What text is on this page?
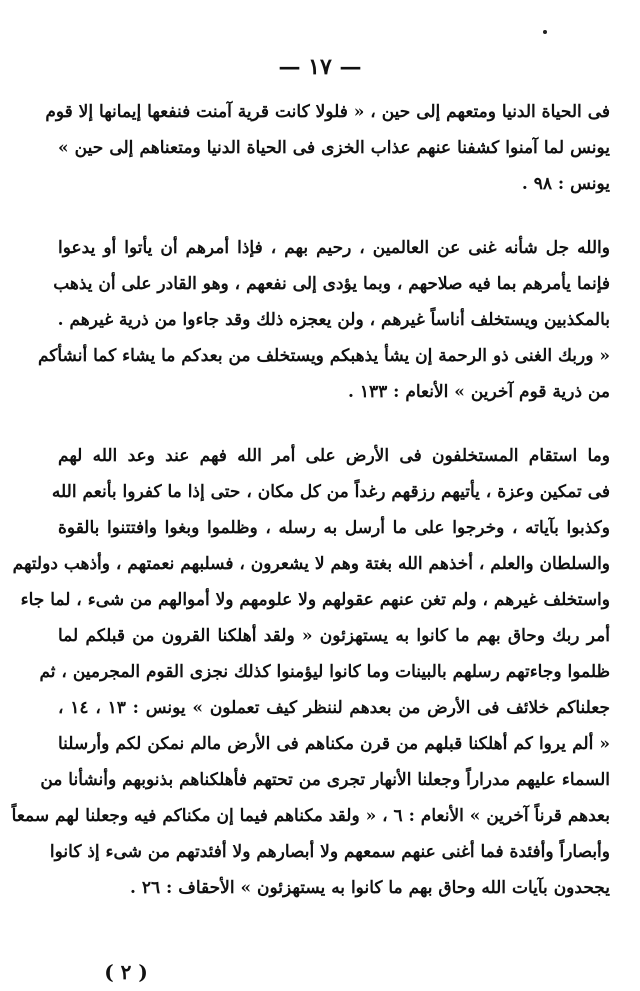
— ١٧ —
فى الحياة الدنيا ومتعهم إلى حين ، « فلولا كانت قرية آمنت فنفعها إيمانها إلا قوم
يونس لما آمنوا كشفنا عنهم عذاب الخزى فى الحياة الدنيا ومتعناهم إلى حين »
يونس : ٩٨ .
والله جل شأنه غنى عن العالمين ، رحيم بهم ، فإذا أمرهم أن يأتوا أو يدعوا
فإنما يأمرهم بما فيه صلاحهم ، وبما يؤدى إلى نفعهم ، وهو القادر على أن يذهب
بالمكذبين ويستخلف أناساً غيرهم ، ولن يعجزه ذلك وقد جاءوا من ذرية غيرهم .
« وربك الغنى ذو الرحمة إن يشأ يذهبكم ويستخلف من بعدكم ما يشاء كما أنشأكم
من ذرية قوم آخرين » الأنعام : ١٣٣ .
وما استقام المستخلفون فى الأرض على أمر الله فهم عند وعد الله لهم
فى تمكين وعزة ، يأتيهم رزقهم رغداً من كل مكان ، حتى إذا ما كفروا بأنعم الله
وكذبوا بآياته ، وخرجوا على ما أرسل به رسله ، وظلموا وبغوا وافتتنوا بالقوة
والسلطان والعلم ، أخذهم الله بغتة وهم لا يشعرون ، فسلبهم نعمتهم ، وأذهب دولتهم
واستخلف غيرهم ، ولم تغن عنهم عقولهم ولا علومهم ولا أموالهم من شىء ، لما جاء
أمر ربك وحاق بهم ما كانوا به يستهزئون « ولقد أهلكنا القرون من قبلكم لما
ظلموا وجاءتهم رسلهم بالبينات وما كانوا ليؤمنوا كذلك نجزى القوم المجرمين ، ثم
جعلناكم خلائف فى الأرض من بعدهم لننظر كيف تعملون » يونس : ١٣ ، ١٤ ،
« ألم يروا كم أهلكنا قبلهم من قرن مكناهم فى الأرض مالم نمكن لكم وأرسلنا
السماء عليهم مدراراً وجعلنا الأنهار تجرى من تحتهم فأهلكناهم بذنوبهم وأنشأنا من
بعدهم قرناً آخرين » الأنعام : ٦ ، « ولقد مكناهم فيما إن مكناكم فيه وجعلنا لهم سمعاً
وأبصاراً وأفئدة فما أغنى عنهم سمعهم ولا أبصارهم ولا أفئدتهم من شىء إذ كانوا
يجحدون بآيات الله وحاق بهم ما كانوا به يستهزئون » الأحقاف : ٢٦ .
( ٢ )
